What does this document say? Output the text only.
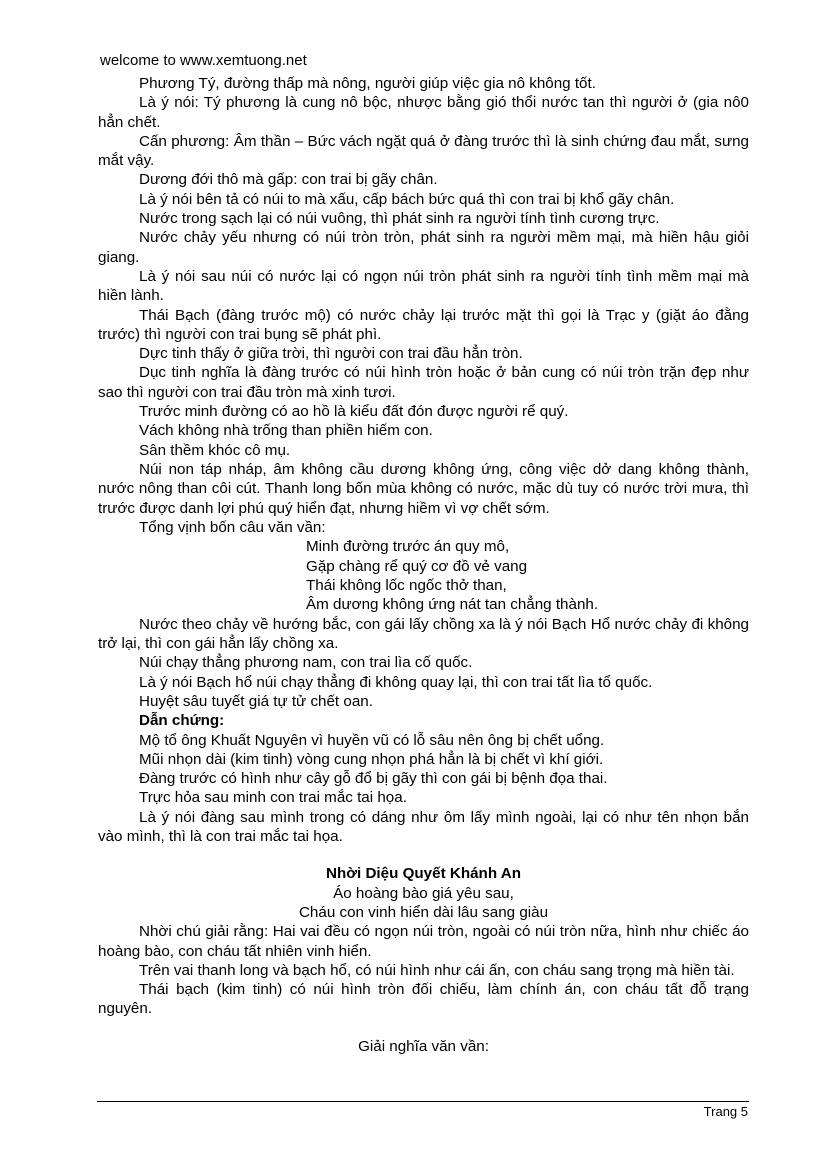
welcome to www.xemtuong.net

Phương Tý, đường thấp mà nông, người giúp việc gia nô không tốt.

Là ý nói: Tý phương là cung nô bộc, nhược bằng gió thổi nước tan thì người ở (gia nô0 hẳn chết.

Cấn phương: Âm thần – Bức vách ngặt quá ở đàng trước thì là sinh chứng đau mắt, sưng mắt vậy.

Dương đới thô mà gấp: con trai bị gãy chân.

Là ý nói bên tả có núi to mà xấu, cấp bách bức quá thì con trai bị khổ gãy chân.

Nước trong sạch lại có núi vuông, thì phát sinh ra người tính tình cương trực.

Nước chảy yếu nhưng có núi tròn tròn, phát sinh ra người mềm mại, mà hiền hậu giỏi giang.

Là ý nói sau núi có nước lại có ngọn núi tròn phát sinh ra người tính tình mềm mại mà hiền lành.

Thái Bạch (đàng trước mộ) có nước chảy lại trước mặt thì gọi là Trạc y (giặt áo đằng trước) thì người con trai bụng sẽ phát phì.

Dực tinh thấy ở giữa trời, thì người con trai đầu hẳn tròn.

Dục tinh nghĩa là đàng trước có núi hình tròn hoặc ở bản cung có núi tròn trặn đẹp như sao thì người con trai đầu tròn mà xinh tươi.

Trước minh đường có ao hồ là kiểu đất đón được người rể quý.

Vách không nhà trống than phiền hiếm con.

Sân thềm khóc cô mụ.

Núi non táp nháp, âm không cầu dương không ứng, công việc dở dang không thành, nước nông than côi cút. Thanh long bốn mùa không có nước, mặc dù tuy có nước trời mưa, thì trước được danh lợi phú quý hiển đạt, nhưng hiềm vì vợ chết sớm.

Tổng vịnh bốn câu văn vần:

Minh đường trước án quy mô,

Gặp chàng rể quý cơ đồ vẻ vang

Thái không lốc ngốc thở than,

Âm dương không ứng nát tan chẳng thành.

Nước theo chảy về hướng bắc, con gái lấy chồng xa là ý nói Bạch Hổ nước chảy đi không trở lại, thì con gái hẳn lấy chồng xa.

Núi chạy thẳng phương nam, con trai lìa cố quốc.

Là ý nói Bạch hổ núi chạy thẳng đi không quay lại, thì con trai tất lìa tổ quốc.

Huyệt sâu tuyết giá tự tử chết oan.

Dẫn chứng:

Mộ tổ ông Khuất Nguyên vì huyền vũ có lỗ sâu nên ông bị chết uổng.

Mũi nhọn dài (kim tinh) vòng cung nhọn phá hẳn là bị chết vì khí giới.

Đàng trước có hình như cây gỗ đổ bị gãy thì con gái bị bệnh đọa thai.

Trực hỏa sau minh con trai mắc tai họa.

Là ý nói đàng sau mình trong có dáng như ôm lấy mình ngoài, lại có như tên nhọn bắn vào mình, thì là con trai mắc tai họa.

Nhời Diệu Quyết Khánh An

Áo hoàng bào giá yêu sau,

Cháu con vinh hiển dài lâu sang giàu

Nhời chú giải rằng: Hai vai đều có ngọn núi tròn, ngoài có núi tròn nữa, hình như chiếc áo hoàng bào, con cháu tất nhiên vinh hiển.

Trên vai thanh long và bạch hổ, có núi hình như cái ấn, con cháu sang trọng mà hiền tài.

Thái bạch (kim tinh) có núi hình tròn đối chiếu, làm chính án, con cháu tất đỗ trạng nguyên.

Giải nghĩa văn vần:

Trang 5
